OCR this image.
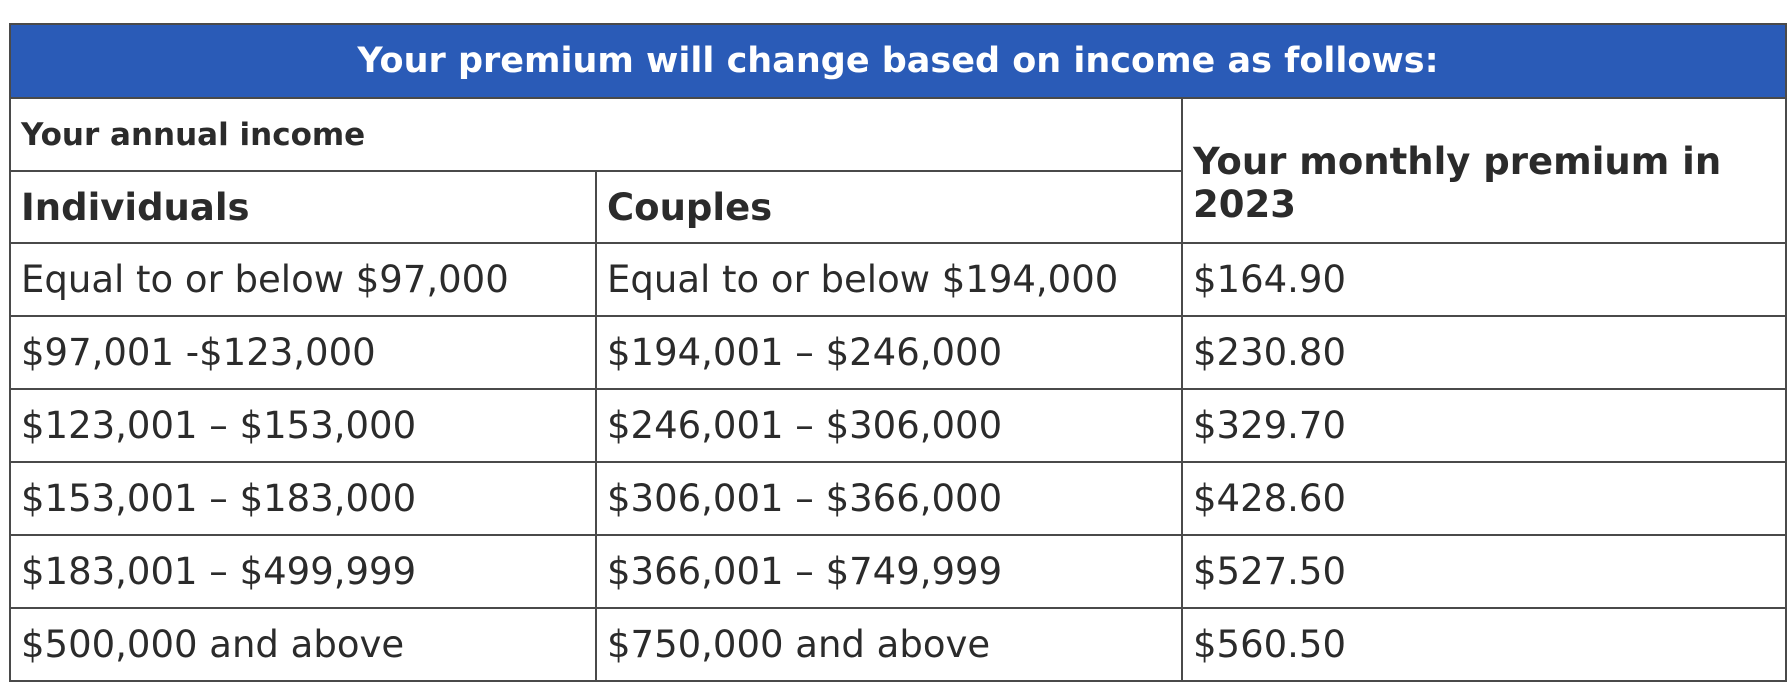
Your premium will change based on income as follows:		
Your annual income		Your monthly premium in 2023
Individuals	Couples	
Equal to or below $97,000	Equal to or below $194,000	$164.90
$97,001 -$123,000	$194,001 – $246,000	$230.80
$123,001 – $153,000	$246,001 – $306,000	$329.70
$153,001 – $183,000	$306,001 – $366,000	$428.60
$183,001 – $499,999	$366,001 – $749,999	$527.50
$500,000 and above	$750,000 and above	$560.50
